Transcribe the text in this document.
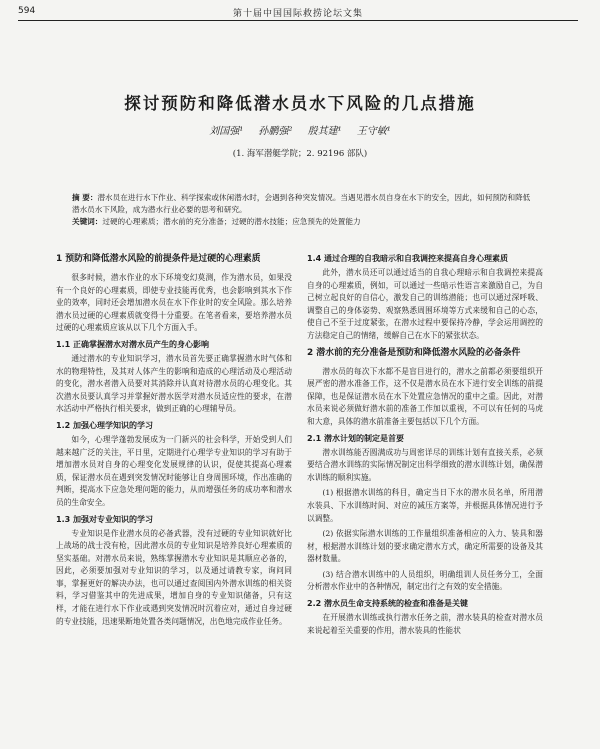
594	第十届中国国际救捞论坛文集
探讨预防和降低潜水员水下风险的几点措施
刘国强¹ 孙鹏强² 殷其建¹ 王守敏¹
(1. 海军潜艇学院；2. 92196 部队)
摘 要：潜水员在进行水下作业、科学探索或休闲潜水时，会遇到各种突发情况。当遇见潜水员自身在水下的安全，因此，如何预防和降低潜水员水下风险，成为潜水行业必要的思考和研究。
关键词：过硬的心理素质；潜水前的充分准备；过硬的潜水技能；应急预先的处置能力
1 预防和降低潜水风险的前提条件是过硬的心理素质

很多时候，潜水作业的水下环境变幻莫测，作为潜水员，如果没有一个良好的心理素质，即使专业技能再优秀，也会影响到其水下作业的效率，同时还会增加潜水员在水下作业时的安全风险。那么培养潜水员过硬的心理素质就变得十分重要。在笔者看来，要培养潜水员过硬的心理素质应该从以下几个方面入手。

1.1 正确掌握潜水对潜水员产生的身心影响

通过潜水的专业知识学习，潜水员首先要正确掌握潜水时气体和水的物理特性，及其对人体产生的影响和造成的心理活动及心理活动的变化，潜水者潜入员要对其消除并认真对待潜水员的心理变化。其次潜水员要认真学习并掌握好潜水医学对潜水员适应性的要求，在潜水活动中严格执行相关要求，做到正确的心理辅导员。

1.2 加强心理学知识的学习

如今，心理学蓬勃发展成为一门新兴的社会科学，开始受到人们越来越广泛的关注，平日里，定期进行心理学专业知识的学习有助于增加潜水员对自身的心理变化发展规律的认识，促使其提高心理素质，保证潜水员在遇到突发情况时能够让自身周围环境，作出准确的判断，提高水下应急处理问题的能力，从而增强任务的成功率和潜水员的生命安全。

1.3 加强对专业知识的学习

专业知识是作业潜水员的必备武器，没有过硬的专业知识就好比上战场的战士没有枪，因此潜水员的专业知识是培养良好心理素质的坚实基础。对潜水员来说，熟练掌握潜水专业知识是其顺应必备的，因此，必须要加强对专业知识的学习，以及通过请教专家，询问同事，掌握更好的解决办法，也可以通过查阅国内外潜水训练的相关资料，学习借鉴其中的先进成果，增加自身的专业知识储备，只有这样，才能在进行水下作业或遇到突发情况时沉着应对，通过自身过硬的专业技能，迅速果断地处置各类问题情况，出色地完成作业任务。

1.4 通过合理的自我暗示和自我调控来提高自身心理素质

此外，潜水员还可以通过适当的自我心理暗示和自我调控来提高自身的心理素质，例如，可以通过一些暗示性语言来激励自己，为自己树立起良好的自信心，激发自己的训练潜能；也可以通过深呼吸、调整自己的身体姿势、观察熟悉周围环境等方式来缓和自己的心态，使自己不至于过度紧张，在潜水过程中要保持冷静，学会运用调控的方法稳定自己的情绪，缓解自己在水下的紧张状态。

2 潜水前的充分准备是预防和降低潜水风险的必备条件

潜水员的每次下水都不是盲目进行的，潜水之前都必须要组织开展严密的潜水准备工作，这不仅是潜水员在水下进行安全训练的前提保障，也是保证潜水员在水下处置应急情况的重中之重。因此，对潜水员来说必须做好潜水前的准备工作加以重视，不可以有任何的马虎和大意，具体的潜水前准备主要包括以下几个方面。

2.1 潜水计划的制定是首要

潜水训练能否圆满成功与周密详尽的训练计划有直接关系，必须要结合潜水训练的实际情况制定出科学细致的潜水训练计划，确保潜水训练的顺利实施。

(1) 根据潜水训练的科目，确定当日下水的潜水员名单，所用潜水装具、下水训练时间、对应的减压方案等，并根据具体情况进行予以调整。

(2) 依据实际潜水训练的工作量组织准备相应的入力、装具和器材，根据潜水训练计划的要求确定潜水方式，确定所需要的设备及其器材数量。

(3) 结合潜水训练中的人员组织，明确组训人员任务分工，全面分析潜水作业中的各种情况，制定出行之有效的安全措施。

2.2 潜水员生命支持系统的检查和准备是关键

在开展潜水训练或执行潜水任务之前，潜水装具的检查对潜水员来说起着至关重要的作用，潜水装具的性能状
